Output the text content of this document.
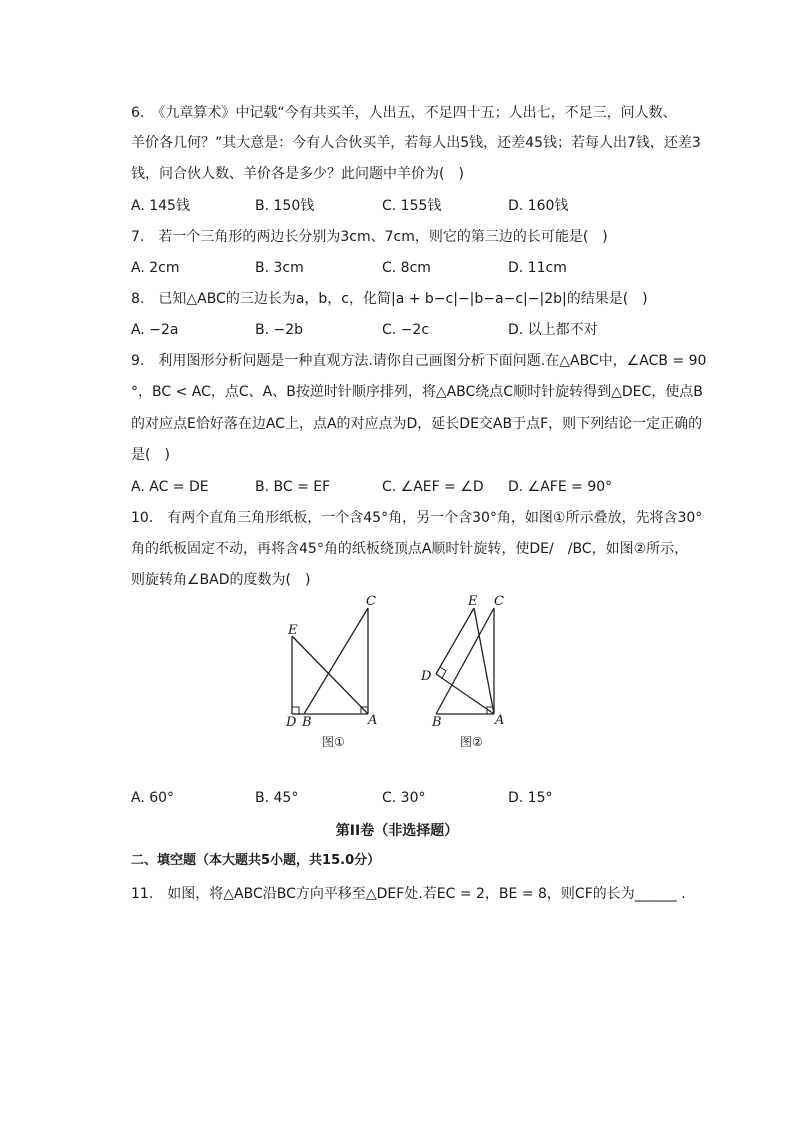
6.　《九章算术》中记载“今有共买羊，人出五，不足四十五；人出七，不足三，问人数、
羊价各几何？”其大意是：今有人合伙买羊，若每人出5钱，还差45钱；若每人出7钱，还差3
钱，问合伙人数、羊价各是多少？此问题中羊价为(　)
A. 145钱	B. 150钱	C. 155钱	D. 160钱
7.　若一个三角形的两边长分别为3cm、7cm，则它的第三边的长可能是(　)
A. 2cm	B. 3cm	C. 8cm	D. 11cm
8.　已知△ABC的三边长为a，b，c，化简|a + b−c|−|b−a−c|−|2b|的结果是(　)
A. −2a	B. −2b	C. −2c	D. 以上都不对
9.　利用图形分析问题是一种直观方法.请你自己画图分析下面问题.在△ABC中，∠ACB = 90
°，BC < AC，点C、A、B按逆时针顺序排列，将△ABC绕点C顺时针旋转得到△DEC，使点B
的对应点E恰好落在边AC上，点A的对应点为D，延长DE交AB于点F，则下列结论一定正确的
是(　)
A. AC = DE	B. BC = EF	C. ∠AEF = ∠D D. ∠AFE = 90°
10.　有两个直角三角形纸板，一个含45°角，另一个含30°角，如图①所示叠放，先将含30°
角的纸板固定不动，再将含45°角的纸板绕顶点A顺时针旋转，使DE/　/BC，如图②所示，
则旋转角∠BAD的度数为(　)
C
E
D B	A
图①
E C
D
B	A
图②
A. 60°	B. 45°	C. 30°	D. 15°
第II卷（非选择题）
二、填空题（本大题共5小题，共15.0分）
11.　如图，将△ABC沿BC方向平移至△DEF处.若EC = 2，BE = 8，则CF的长为______ .
